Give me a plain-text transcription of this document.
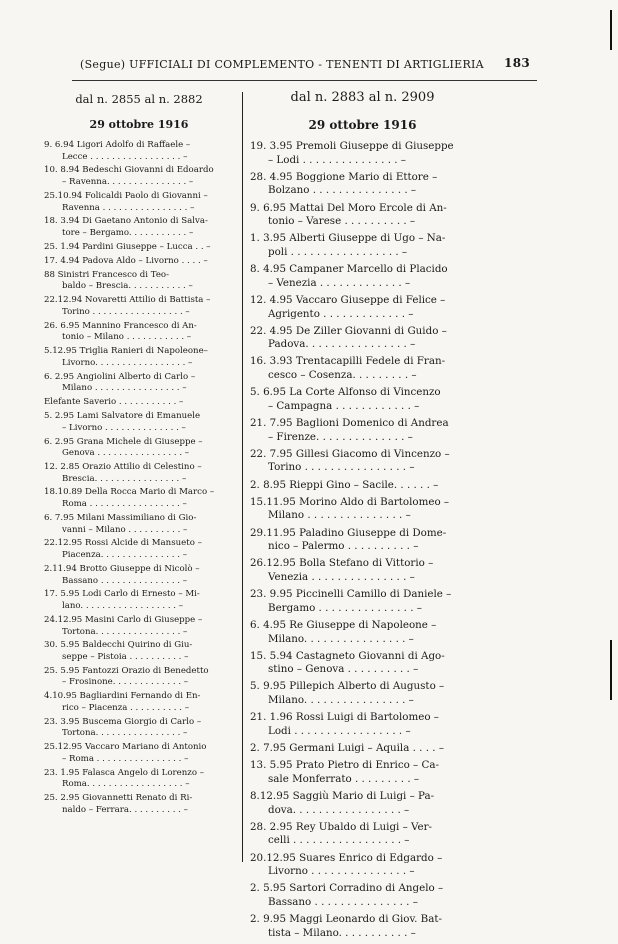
(Segue) UFFICIALI DI COMPLEMENTO - TENENTI DI ARTIGLIERIA 183
dal n. 2855 al n. 2882
29 ottobre 1916
9. 6.94 Ligori Adolfo di Raffaele –
Lecce . . . . . . . . . . . . . . . . . –
10. 8.94 Bedeschi Giovanni di Edoardo
– Ravenna. . . . . . . . . . . . . . . –
25.10.94 Folicaldi Paolo di Giovanni –
Ravenna . . . . . . . . . . . . . . . . –
18. 3.94 Di Gaetano Antonio di Salva-
tore – Bergamo. . . . . . . . . . . –
25. 1.94 Pardini Giuseppe – Lucca . . –
17. 4.94 Padova Aldo – Livorno . . . . –
88 Sinistri Francesco di Teo-
baldo – Brescia. . . . . . . . . . . –
22.12.94 Novaretti Attilio di Battista –
Torino . . . . . . . . . . . . . . . . . –
26. 6.95 Mannino Francesco di An-
tonio – Milano . . . . . . . . . . . –
5.12.95 Triglia Ranieri di Napoleone–
Livorno. . . . . . . . . . . . . . . . . –
6. 2.95 Angiolini Alberto di Carlo –
Milano . . . . . . . . . . . . . . . . –
Elefante Saverio . . . . . . . . . . . –
5. 2.95 Lami Salvatore di Emanuele
– Livorno . . . . . . . . . . . . . . –
6. 2.95 Grana Michele di Giuseppe –
Genova . . . . . . . . . . . . . . . . –
12. 2.85 Orazio Attilio di Celestino –
Brescia. . . . . . . . . . . . . . . . –
18.10.89 Della Rocca Mario di Marco –
Roma . . . . . . . . . . . . . . . . . –
6. 7.95 Milani Massimiliano di Gio-
vanni – Milano . . . . . . . . . . –
22.12.95 Rossi Alcide di Mansueto –
Piacenza. . . . . . . . . . . . . . . –
2.11.94 Brotto Giuseppe di Nicolò –
Bassano . . . . . . . . . . . . . . . –
17. 5.95 Lodi Carlo di Ernesto – Mi-
lano. . . . . . . . . . . . . . . . . . –
24.12.95 Masini Carlo di Giuseppe –
Tortona. . . . . . . . . . . . . . . . –
30. 5.95 Baldecchi Quirino di Giu-
seppe – Pistoia . . . . . . . . . . –
25. 5.95 Fantozzi Orazio di Benedetto
– Frosinone. . . . . . . . . . . . . –
4.10.95 Bagliardini Fernando di En-
rico – Piacenza . . . . . . . . . . –
23. 3.95 Buscema Giorgio di Carlo –
Tortona. . . . . . . . . . . . . . . . –
25.12.95 Vaccaro Mariano di Antonio
– Roma . . . . . . . . . . . . . . . . –
23. 1.95 Falasca Angelo di Lorenzo –
Roma. . . . . . . . . . . . . . . . . . –
25. 2.95 Giovannetti Renato di Ri-
naldo – Ferrara. . . . . . . . . . –
dal n. 2883 al n. 2909
29 ottobre 1916
19. 3.95 Premoli Giuseppe di Giuseppe
– Lodi . . . . . . . . . . . . . . . –
28. 4.95 Boggione Mario di Ettore –
Bolzano . . . . . . . . . . . . . . . –
9. 6.95 Mattai Del Moro Ercole di An-
tonio – Varese . . . . . . . . . . –
1. 3.95 Alberti Giuseppe di Ugo – Na-
poli . . . . . . . . . . . . . . . . . –
8. 4.95 Campaner Marcello di Placido
– Venezia . . . . . . . . . . . . . –
12. 4.95 Vaccaro Giuseppe di Felice –
Agrigento . . . . . . . . . . . . . –
22. 4.95 De Ziller Giovanni di Guido –
Padova. . . . . . . . . . . . . . . . –
16. 3.93 Trentacapilli Fedele di Fran-
cesco – Cosenza. . . . . . . . . –
5. 6.95 La Corte Alfonso di Vincenzo
– Campagna . . . . . . . . . . . . –
21. 7.95 Baglioni Domenico di Andrea
– Firenze. . . . . . . . . . . . . . –
22. 7.95 Gillesi Giacomo di Vincenzo –
Torino . . . . . . . . . . . . . . . . –
2. 8.95 Rieppi Gino – Sacile. . . . . . –
15.11.95 Morino Aldo di Bartolomeo –
Milano . . . . . . . . . . . . . . . –
29.11.95 Paladino Giuseppe di Dome-
nico – Palermo . . . . . . . . . . –
26.12.95 Bolla Stefano di Vittorio –
Venezia . . . . . . . . . . . . . . . –
23. 9.95 Piccinelli Camillo di Daniele –
Bergamo . . . . . . . . . . . . . . . –
6. 4.95 Re Giuseppe di Napoleone –
Milano. . . . . . . . . . . . . . . . –
15. 5.94 Castagneto Giovanni di Ago-
stino – Genova . . . . . . . . . . –
5. 9.95 Pillepich Alberto di Augusto –
Milano. . . . . . . . . . . . . . . . –
21. 1.96 Rossi Luigi di Bartolomeo –
Lodi . . . . . . . . . . . . . . . . . –
2. 7.95 Germani Luigi – Aquila . . . . –
13. 5.95 Prato Pietro di Enrico – Ca-
sale Monferrato . . . . . . . . . –
8.12.95 Saggiù Mario di Luigi – Pa-
dova. . . . . . . . . . . . . . . . . –
28. 2.95 Rey Ubaldo di Luigi – Ver-
celli . . . . . . . . . . . . . . . . . –
20.12.95 Suares Enrico di Edgardo –
Livorno . . . . . . . . . . . . . . . –
2. 5.95 Sartori Corradino di Angelo –
Bassano . . . . . . . . . . . . . . . –
2. 9.95 Maggi Leonardo di Giov. Bat-
tista – Milano. . . . . . . . . . . –
